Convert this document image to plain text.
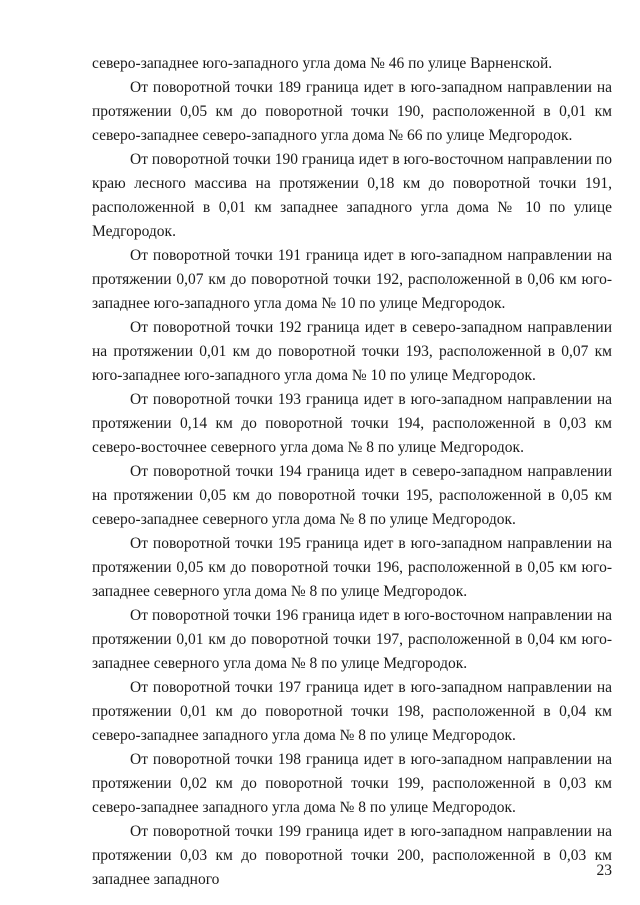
северо-западнее юго-западного угла дома № 46 по улице Варненской.

От поворотной точки 189 граница идет в юго-западном направлении на протяжении 0,05 км до поворотной точки 190, расположенной в 0,01 км северо-западнее северо-западного угла дома № 66 по улице Медгородок.

От поворотной точки 190 граница идет в юго-восточном направлении по краю лесного массива на протяжении 0,18 км до поворотной точки 191, расположенной в 0,01 км западнее западного угла дома № 10 по улице Медгородок.

От поворотной точки 191 граница идет в юго-западном направлении на протяжении 0,07 км до поворотной точки 192, расположенной в 0,06 км юго-западнее юго-западного угла дома № 10 по улице Медгородок.

От поворотной точки 192 граница идет в северо-западном направлении на протяжении 0,01 км до поворотной точки 193, расположенной в 0,07 км юго-западнее юго-западного угла дома № 10 по улице Медгородок.

От поворотной точки 193 граница идет в юго-западном направлении на протяжении 0,14 км до поворотной точки 194, расположенной в 0,03 км северо-восточнее северного угла дома № 8 по улице Медгородок.

От поворотной точки 194 граница идет в северо-западном направлении на протяжении 0,05 км до поворотной точки 195, расположенной в 0,05 км северо-западнее северного угла дома № 8 по улице Медгородок.

От поворотной точки 195 граница идет в юго-западном направлении на протяжении 0,05 км до поворотной точки 196, расположенной в 0,05 км юго-западнее северного угла дома № 8 по улице Медгородок.

От поворотной точки 196 граница идет в юго-восточном направлении на протяжении 0,01 км до поворотной точки 197, расположенной в 0,04 км юго-западнее северного угла дома № 8 по улице Медгородок.

От поворотной точки 197 граница идет в юго-западном направлении на протяжении 0,01 км до поворотной точки 198, расположенной в 0,04 км северо-западнее западного угла дома № 8 по улице Медгородок.

От поворотной точки 198 граница идет в юго-западном направлении на протяжении 0,02 км до поворотной точки 199, расположенной в 0,03 км северо-западнее западного угла дома № 8 по улице Медгородок.

От поворотной точки 199 граница идет в юго-западном направлении на протяжении 0,03 км до поворотной точки 200, расположенной в 0,03 км западнее западного

23
